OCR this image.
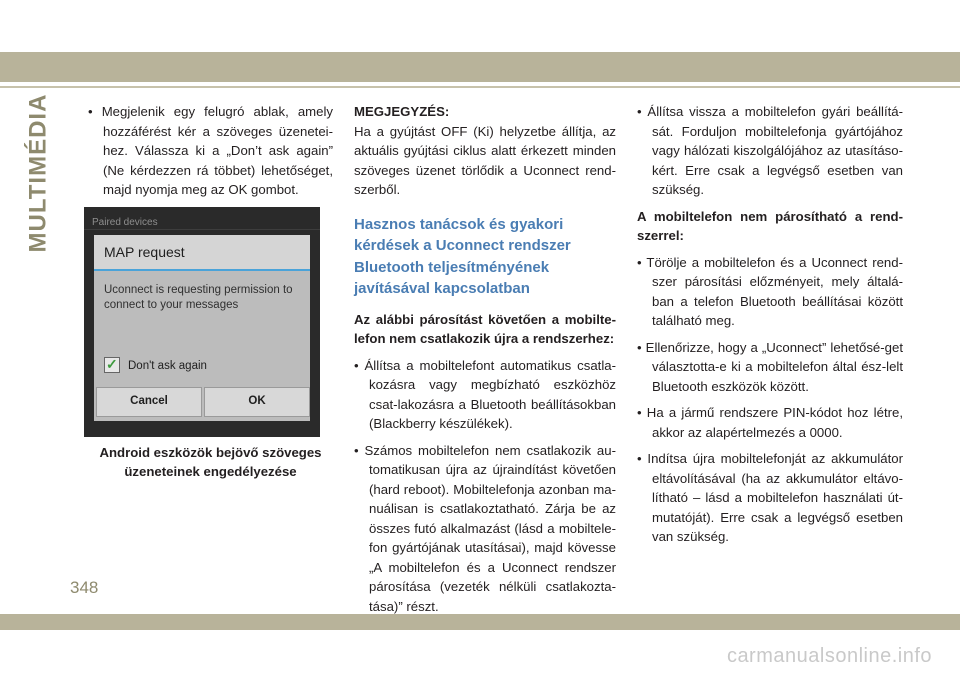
MULTIMÉDIA	• Megjelenik egy felugró ablak, amely hozzáférést kér a szöveges üzenetei-hez. Válassza ki a „Don’t ask again” (Ne kérdezzen rá többet) lehetőséget, majd nyomja meg az OK gombot.

Paired devices
MAP request
Uconnect is requesting permission to connect to your messages
✓
Don't ask again
Cancel	OK

Android eszközök bejövő szöveges üzeneteinek engedélyezése

MEGJEGYZÉS:

Ha a gyújtást OFF (Ki) helyzetbe állítja, az aktuális gyújtási ciklus alatt érkezett minden szöveges üzenet törlődik a Uconnect rend-szerből.

Hasznos tanácsok és gyakori kérdések a Uconnect rendszer Bluetooth teljesítményének javításával kapcsolatban

Az alábbi párosítást követően a mobilte-lefon nem csatlakozik újra a rendszerhez:

• Állítsa a mobiltelefont automatikus csatla-kozásra vagy megbízható eszközhöz csat-lakozásra a Bluetooth beállításokban (Blackberry készülékek).

• Számos mobiltelefon nem csatlakozik au-tomatikusan újra az újraindítást követően (hard reboot). Mobiltelefonja azonban ma-nuálisan is csatlakoztatható. Zárja be az összes futó alkalmazást (lásd a mobiltele-fon gyártójának utasításai), majd kövesse „A mobiltelefon és a Uconnect rendszer párosítása (vezeték nélküli csatlakozta-tása)” részt.

• Állítsa vissza a mobiltelefon gyári beállítá-sát. Forduljon mobiltelefonja gyártójához vagy hálózati kiszolgálójához az utasításo-kért. Erre csak a legvégső esetben van szükség.

A mobiltelefon nem párosítható a rend-szerrel:

• Törölje a mobiltelefon és a Uconnect rend-szer párosítási előzményeit, mely általá-ban a telefon Bluetooth beállításai között található meg.

• Ellenőrizze, hogy a „Uconnect” lehetősé-get választotta-e ki a mobiltelefon által ész-lelt Bluetooth eszközök között.

• Ha a jármű rendszere PIN-kódot hoz létre, akkor az alapértelmezés a 0000.

• Indítsa újra mobiltelefonját az akkumulátor eltávolításával (ha az akkumulátor eltávo-lítható – lásd a mobiltelefon használati út-mutatóját). Erre csak a legvégső esetben van szükség.

348
carmanualsonline.info
